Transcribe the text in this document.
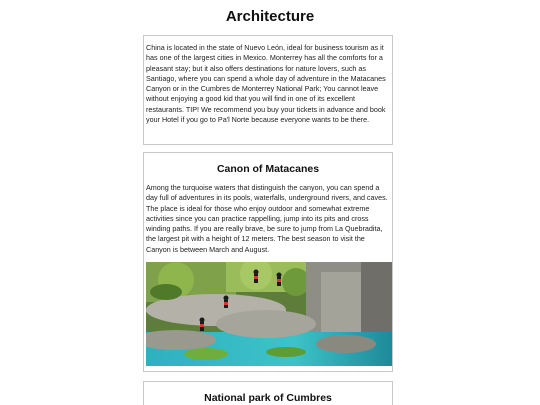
Architecture

China is located in the state of Nuevo León, ideal for business tourism as it has one of the largest cities in Mexico. Monterrey has all the comforts for a pleasant stay; but it also offers destinations for nature lovers, such as Santiago, where you can spend a whole day of adventure in the Matacanes Canyon or in the Cumbres de Monterrey National Park; You cannot leave without enjoying a good kid that you will find in one of its excellent restaurants. TIP! We recommend you buy your tickets in advance and book your Hotel if you go to Pa'l Norte because everyone wants to be there.

Canon of Matacanes

Among the turquoise waters that distinguish the canyon, you can spend a day full of adventures in its pools, waterfalls, underground rivers, and caves. The place is ideal for those who enjoy outdoor and somewhat extreme activities since you can practice rappelling, jump into its pits and cross winding paths. If you are really brave, be sure to jump from La Quebradita, the largest pit with a height of 12 meters. The best season to visit the Canyon is between March and August.

National park of Cumbres
